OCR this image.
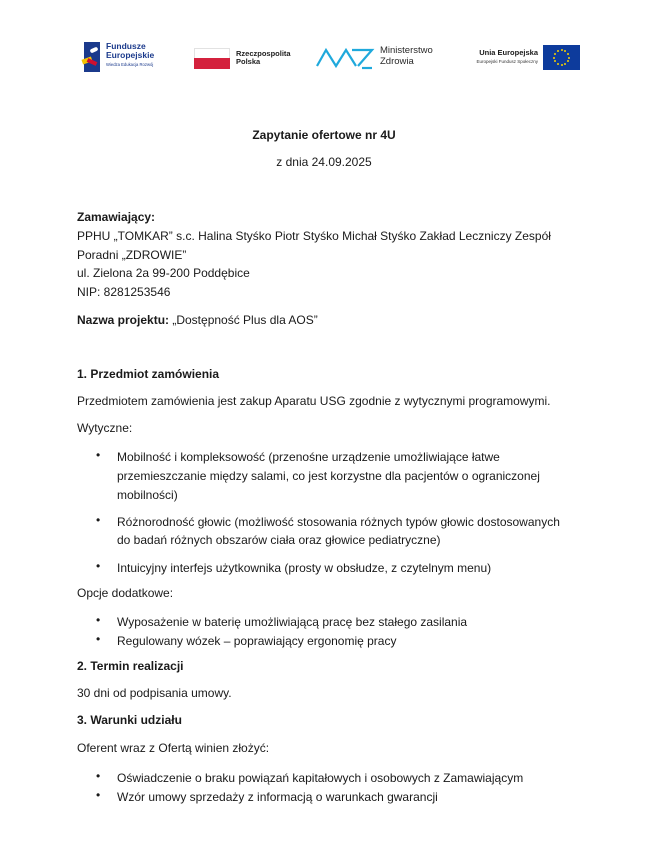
Fundusze
Europejskie
Wiedza Edukacja Rozwój
Rzeczpospolita
Polska
Ministerstwo
Zdrowia
Unia Europejska
Europejski Fundusz Społeczny
Zapytanie ofertowe nr 4U
z dnia 24.09.2025
Zamawiający:
PPHU „TOMKAR” s.c. Halina Styśko Piotr Styśko Michał Styśko Zakład Leczniczy Zespół
Poradni „ZDROWIE”
ul. Zielona 2a 99-200 Poddębice
NIP: 8281253546
Nazwa projektu: „Dostępność Plus dla AOS”
1. Przedmiot zamówienia
Przedmiotem zamówienia jest zakup Aparatu USG zgodnie z wytycznymi programowymi.
Wytyczne:
• Mobilność i kompleksowość (przenośne urządzenie umożliwiające łatwe
przemieszczanie między salami, co jest korzystne dla pacjentów o ograniczonej
mobilności)
• Różnorodność głowic (możliwość stosowania różnych typów głowic dostosowanych
do badań różnych obszarów ciała oraz głowice pediatryczne)
• Intuicyjny interfejs użytkownika (prosty w obsłudze, z czytelnym menu)
Opcje dodatkowe:
• Wyposażenie w baterię umożliwiającą pracę bez stałego zasilania
• Regulowany wózek – poprawiający ergonomię pracy
2. Termin realizacji
30 dni od podpisania umowy.
3. Warunki udziału
Oferent wraz z Ofertą winien złożyć:
• Oświadczenie o braku powiązań kapitałowych i osobowych z Zamawiającym
• Wzór umowy sprzedaży z informacją o warunkach gwarancji
